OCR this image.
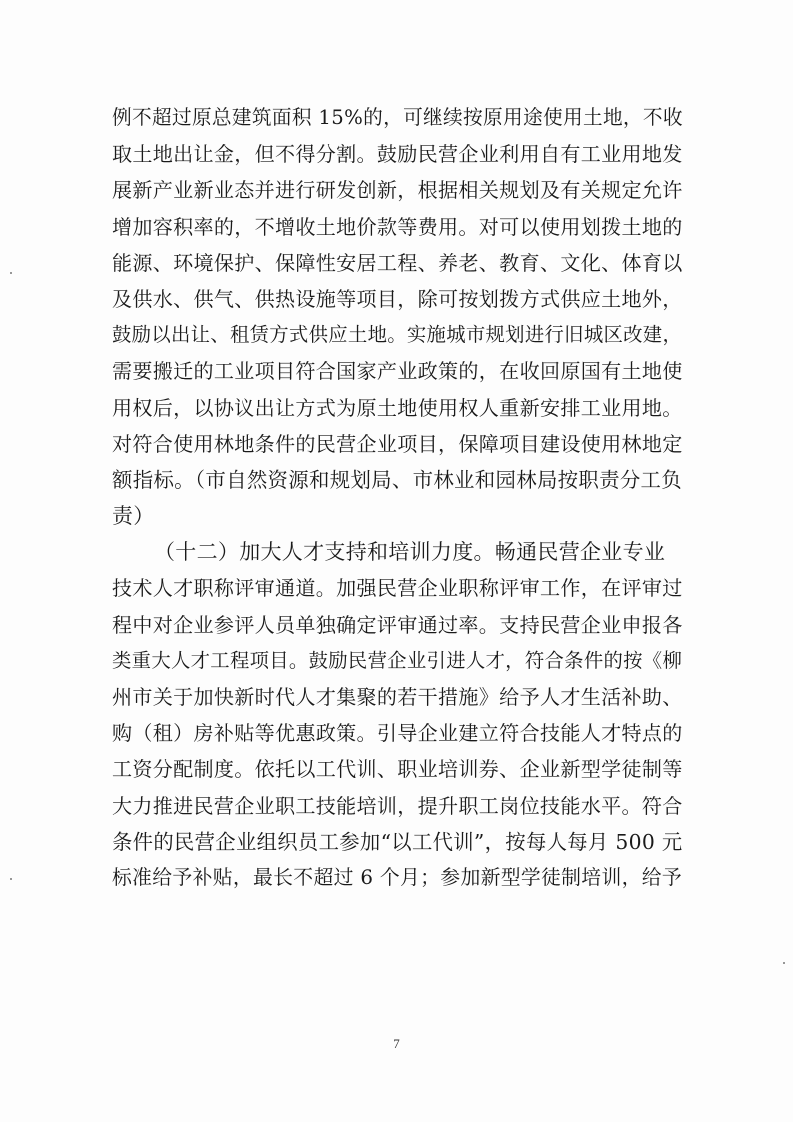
例不超过原总建筑面积 15%的，可继续按原用途使用土地，不收
取土地出让金，但不得分割。鼓励民营企业利用自有工业用地发
展新产业新业态并进行研发创新，根据相关规划及有关规定允许
增加容积率的，不增收土地价款等费用。对可以使用划拨土地的
能源、环境保护、保障性安居工程、养老、教育、文化、体育以
及供水、供气、供热设施等项目，除可按划拨方式供应土地外，
鼓励以出让、租赁方式供应土地。实施城市规划进行旧城区改建，
需要搬迁的工业项目符合国家产业政策的，在收回原国有土地使
用权后，以协议出让方式为原土地使用权人重新安排工业用地。
对符合使用林地条件的民营企业项目，保障项目建设使用林地定
额指标。（市自然资源和规划局、市林业和园林局按职责分工负
责）
（十二）加大人才支持和培训力度。畅通民营企业专业
技术人才职称评审通道。加强民营企业职称评审工作，在评审过
程中对企业参评人员单独确定评审通过率。支持民营企业申报各
类重大人才工程项目。鼓励民营企业引进人才，符合条件的按《柳
州市关于加快新时代人才集聚的若干措施》给予人才生活补助、
购（租）房补贴等优惠政策。引导企业建立符合技能人才特点的
工资分配制度。依托以工代训、职业培训券、企业新型学徒制等
大力推进民营企业职工技能培训，提升职工岗位技能水平。符合
条件的民营企业组织员工参加“以工代训”，按每人每月 500 元
标准给予补贴，最长不超过 6 个月；参加新型学徒制培训，给予
7
